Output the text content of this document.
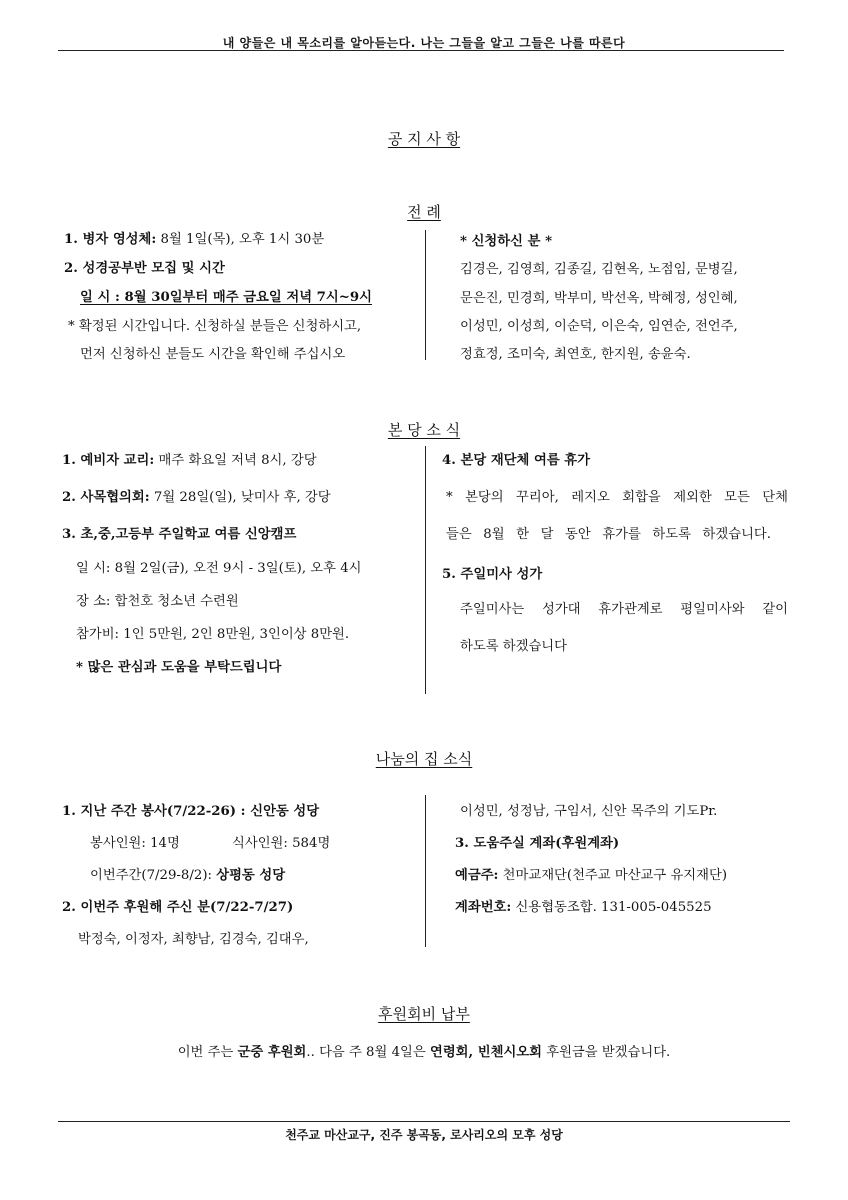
내 양들은 내 목소리를 알아듣는다. 나는 그들을 알고 그들은 나를 따른다
공 지 사 항
전 례
1. 병자 영성체: 8월 1일(목), 오후 1시 30분
2. 성경공부반 모집 및 시간
일 시 : 8월 30일부터 매주 금요일 저녁 7시~9시
* 확정된 시간입니다. 신청하실 분들은 신청하시고,
먼저 신청하신 분들도 시간을 확인해 주십시오
* 신청하신 분 *
김경은, 김영희, 김종길, 김현옥, 노점임, 문병길,
문은진, 민경희, 박부미, 박선옥, 박혜정, 성인혜,
이성민, 이성희, 이순덕, 이은숙, 임연순, 전언주,
정효정, 조미숙, 최연호, 한지원, 송윤숙.
본 당 소 식
1. 예비자 교리: 매주 화요일 저녁 8시, 강당
2. 사목협의회: 7월 28일(일), 낮미사 후, 강당
3. 초,중,고등부 주일학교 여름 신앙캠프
일 시: 8월 2일(금), 오전 9시 - 3일(토), 오후 4시
장 소: 합천호 청소년 수련원
참가비: 1인 5만원, 2인 8만원, 3인이상 8만원.
* 많은 관심과 도움을 부탁드립니다
4. 본당 재단체 여름 휴가
* 본당의 꾸리아, 레지오 회합을 제외한 모든 단체
들은 8월 한 달 동안 휴가를 하도록 하겠습니다.
5. 주일미사 성가
주일미사는 성가대 휴가관계로 평일미사와 같이
하도록 하겠습니다
나눔의 집 소식
1. 지난 주간 봉사(7/22-26) : 신안동 성당
봉사인원: 14명	식사인원: 584명
이번주간(7/29-8/2): 상평동 성당
2. 이번주 후원해 주신 분(7/22-7/27)
박정숙, 이정자, 최향남, 김경숙, 김대우,
이성민, 성정남, 구임서, 신안 목주의 기도Pr.
3. 도움주실 계좌(후원계좌)
예금주: 천마교재단(천주교 마산교구 유지재단)
계좌번호: 신용협동조합. 131-005-045525
후원회비 납부
이번 주는 군중 후원회.. 다음 주 8월 4일은 연령회, 빈첸시오회 후원금을 받겠습니다.
천주교 마산교구, 진주 봉곡동, 로사리오의 모후 성당
